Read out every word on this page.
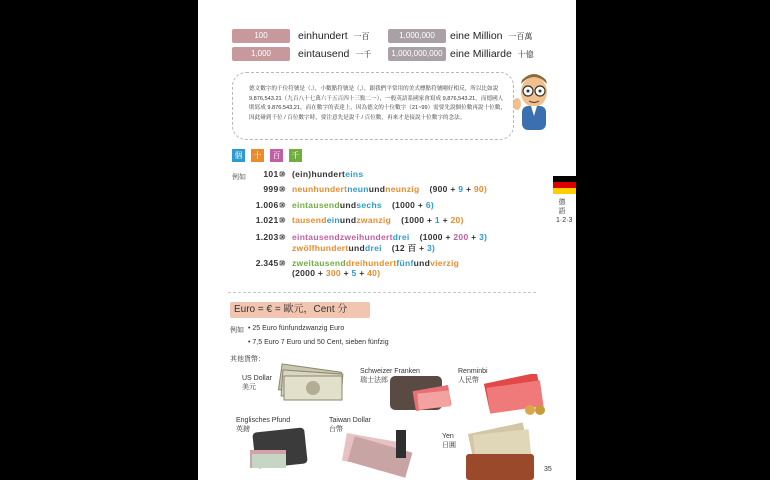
100	einhundert 一百
1,000	eintausend 一千
1,000,000	eine Million 一百萬
1,000,000,000 eine Milliarde 十億

德文數字的千位符號是（.），小數點符號是（,），跟我們平常用的美式標點符號剛好相反，所以比如說 9,876,543.21（九百八十七萬六千五百四十三點二一），一般英語系國家會寫成 9,876,543.21，而德國人則寫成 9.876.543,21。而在數字的表達上，因為德文的十位數字（21~99）需要先說個位數再說十位數，因此碰到千位 / 百位數字時，要注意先是說千 / 百位數，再來才是接說十位數字的念法。

個 十 百 千
德語 1·2·3
例如	101⑩ (ein)hunderteins
999⑩ neunhundertneunundneunzig (900 + 9 + 90)
1.006⑩ eintausendundsechs (1000 + 6)
1.021⑩ tausendeinundzwanzig (1000 + 1 + 20)
1.203⑩ eintausendzweihundertdrei (1000 + 200 + 3)
zwölfhundertunddrei (12 百 + 3)
2.345⑩ zweitausenddreihundertfünfundvierzig
(2000 + 300 + 5 + 40)
Euro = € = 歐元，Cent 分
例如 • 25 Euro fünfundzwanzig Euro
• 7,5 Euro 7 Euro und 50 Cent, sieben fünfzig
其他貨幣：
US Dollar
美元
Schweizer Franken
瑞士法郎
Renminbi
人民幣
Englisches Pfund
英鎊
Taiwan Dollar
台幣
Yen
日圓
35
